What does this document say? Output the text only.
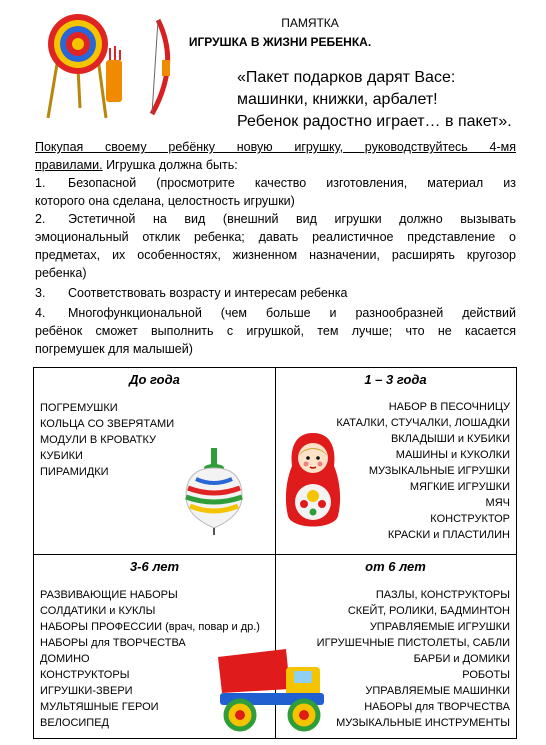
ПАМЯТКА
ИГРУШКА В ЖИЗНИ РЕБЕНКА.
«Пакет подарков дарят Васе:
машинки, книжки, арбалет!
Ребенок радостно играет… в пакет».
Покупая своему ребёнку новую игрушку, руководствуйтесь 4-мя
правилами. Игрушка должна быть:
1. Безопасной (просмотрите качество изготовления, материал из
которого она сделана, целостность игрушки)
2. Эстетичной на вид (внешний вид игрушки должно вызывать
эмоциональный отклик ребенка; давать реалистичное представление о
предметах, их особенностях, жизненном назначении, расширять кругозор
ребенка)
3. Соответствовать возрасту и интересам ребенка
4. Многофункциональной (чем больше и разнообразней действий
ребёнок сможет выполнить с игрушкой, тем лучше; что не касается
погремушек для малышей)
До года	1 – 3 года
3-6 лет	от 6 лет
ПОГРЕМУШКИ
КОЛЬЦА СО ЗВЕРЯТАМИ
МОДУЛИ В КРОВАТКУ
КУБИКИ
ПИРАМИДКИ
НАБОР В ПЕСОЧНИЦУ
КАТАЛКИ, СТУЧАЛКИ, ЛОШАДКИ
ВКЛАДЫШИ и КУБИКИ
МАШИНЫ и КУКОЛКИ
МУЗЫКАЛЬНЫЕ ИГРУШКИ
МЯГКИЕ ИГРУШКИ
МЯЧ
КОНСТРУКТОР
КРАСКИ и ПЛАСТИЛИН
РАЗВИВАЮЩИЕ НАБОРЫ
СОЛДАТИКИ и КУКЛЫ
НАБОРЫ ПРОФЕССИИ (врач, повар и др.)
НАБОРЫ для ТВОРЧЕСТВА
ДОМИНО
КОНСТРУКТОРЫ
ИГРУШКИ-ЗВЕРИ
МУЛЬТЯШНЫЕ ГЕРОИ
ВЕЛОСИПЕД
ПАЗЛЫ, КОНСТРУКТОРЫ
СКЕЙТ, РОЛИКИ, БАДМИНТОН
УПРАВЛЯЕМЫЕ ИГРУШКИ
ИГРУШЕЧНЫЕ ПИСТОЛЕТЫ, САБЛИ
БАРБИ и ДОМИКИ
РОБОТЫ
УПРАВЛЯЕМЫЕ МАШИНКИ
НАБОРЫ для ТВОРЧЕСТВА
МУЗЫКАЛЬНЫЕ ИНСТРУМЕНТЫ
